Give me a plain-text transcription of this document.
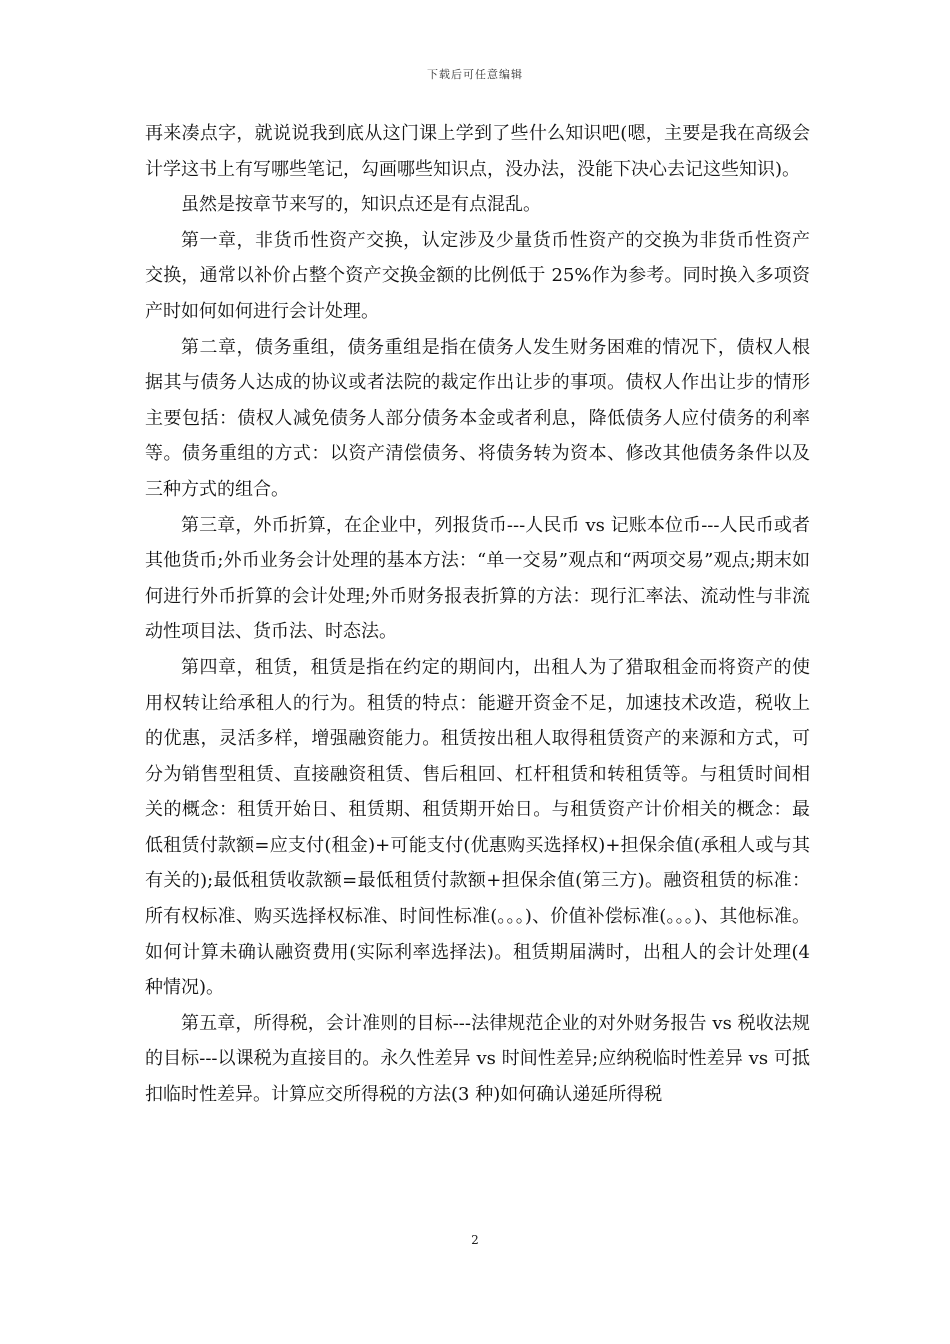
下载后可任意编辑

再来凑点字，就说说我到底从这门课上学到了些什么知识吧(嗯，主要是我在高级会计学这书上有写哪些笔记，勾画哪些知识点，没办法，没能下决心去记这些知识)。

虽然是按章节来写的，知识点还是有点混乱。

第一章，非货币性资产交换，认定涉及少量货币性资产的交换为非货币性资产交换，通常以补价占整个资产交换金额的比例低于 25%作为参考。同时换入多项资产时如何如何进行会计处理。

第二章，债务重组，债务重组是指在债务人发生财务困难的情况下，债权人根据其与债务人达成的协议或者法院的裁定作出让步的事项。债权人作出让步的情形主要包括：债权人减免债务人部分债务本金或者利息，降低债务人应付债务的利率等。债务重组的方式：以资产清偿债务、将债务转为资本、修改其他债务条件以及三种方式的组合。

第三章，外币折算，在企业中，列报货币---人民币 vs 记账本位币---人民币或者其他货币;外币业务会计处理的基本方法：“单一交易”观点和“两项交易”观点;期末如何进行外币折算的会计处理;外币财务报表折算的方法：现行汇率法、流动性与非流动性项目法、货币法、时态法。

第四章，租赁，租赁是指在约定的期间内，出租人为了猎取租金而将资产的使用权转让给承租人的行为。租赁的特点：能避开资金不足，加速技术改造，税收上的优惠，灵活多样，增强融资能力。租赁按出租人取得租赁资产的来源和方式，可分为销售型租赁、直接融资租赁、售后租回、杠杆租赁和转租赁等。与租赁时间相关的概念：租赁开始日、租赁期、租赁期开始日。与租赁资产计价相关的概念：最低租赁付款额=应支付(租金)+可能支付(优惠购买选择权)+担保余值(承租人或与其有关的);最低租赁收款额=最低租赁付款额+担保余值(第三方)。融资租赁的标准：所有权标准、购买选择权标准、时间性标准(。。。)、价值补偿标准(。。。)、其他标准。如何计算未确认融资费用(实际利率选择法)。租赁期届满时，出租人的会计处理(4 种情况)。

第五章，所得税，会计准则的目标---法律规范企业的对外财务报告 vs 税收法规的目标---以课税为直接目的。永久性差异 vs 时间性差异;应纳税临时性差异 vs 可抵扣临时性差异。计算应交所得税的方法(3 种)如何确认递延所得税

2
